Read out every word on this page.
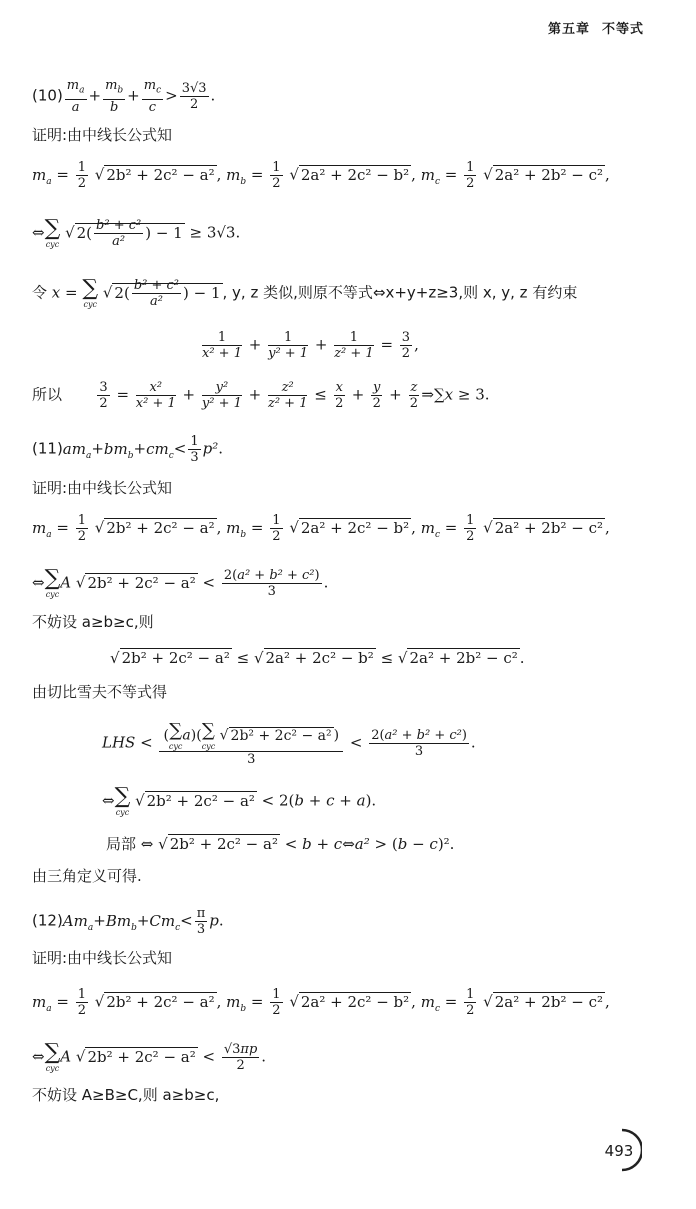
第五章 不等式
$(10) \frac{m_a}{a} + \frac{m_b}{b} + \frac{m_c}{c} > \frac{3√3}{2}$ .
证明:由中线长公式知
$m_a = \frac{1}{2}$ √ 2b² + 2c² − a² , $m_b = \frac{1}{2}$ √ 2a² + 2c² − b² , $m_c = \frac{1}{2}$ √ 2a² + 2b² − c² ,
⇔ ∑
cyc
√ $2( \frac{\text{b² + c²}}{\text{a²}}$ ) − 1 ≥ 3√3.
令 x = ∑
cyc
√ $2( \frac{\text{b² + c²}}{\text{a²}}$ ) − 1 , y, z 类似,则原不等式⇔x+y+z≥3,则 x, y, z 有约束
$\frac{1}{\text{x² + 1}} + \frac{1}{\text{y² + 1}} + \frac{1}{\text{z² + 1}} = \frac{3}{2}$ ,
所以	$\frac{3}{2} = \frac{\text{x²}}{\text{x² + 1}} + \frac{\text{y²}}{\text{y² + 1}} + \frac{\text{z²}}{\text{z² + 1}} \le \frac{x}{2} + \frac{y}{2} + \frac{z}{2}$ ⇒∑x ≥ 3.
$(11)am_a+bm_b+cm_c< \frac{1}{3} p^2$.
证明:由中线长公式知
$m_a = \frac{1}{2}$ √ 2b² + 2c² − a² , $m_b = \frac{1}{2}$ √ 2a² + 2c² − b² , $m_c = \frac{1}{2}$ √ 2a² + 2b² − c² ,
⇔ ∑
cyc
A √ $2b^2 + 2c^2 - a^2 < \frac{\text{2(a² + b² + c²)}}{3}$ .
不妨设 a≥b≥c,则
√ 2b² + 2c² − a² ≤ √ 2a² + 2c² − b² ≤ √ 2a² + 2b² − c² .
由切比雪夫不等式得
LHS < ( ∑
cyc
a)( ∑
cyc
√ 2b² + 2c² − a² )
$3 < \frac{\text{2(a² + b² + c²)}}{3}$ .
⇔ ∑
cyc
√ 2b² + 2c² − a² < 2(b + c + a).
局部 ⇔ √ 2b² + 2c² − a² < b + c⇔a² > (b − c)².
由三角定义可得.
$(12)Am_a+Bm_b+Cm_c< \frac{\pi}{3} p$.
证明:由中线长公式知
$m_a = \frac{1}{2}$ √ 2b² + 2c² − a² , $m_b = \frac{1}{2}$ √ 2a² + 2c² − b² , $m_c = \frac{1}{2}$ √ 2a² + 2b² − c² ,
⇔ ∑
cyc
A √ $2b^2 + 2c^2 - a^2 < \frac{√3\pi p}{2}$ .
不妨设 A≥B≥C,则 a≥b≥c,
493
